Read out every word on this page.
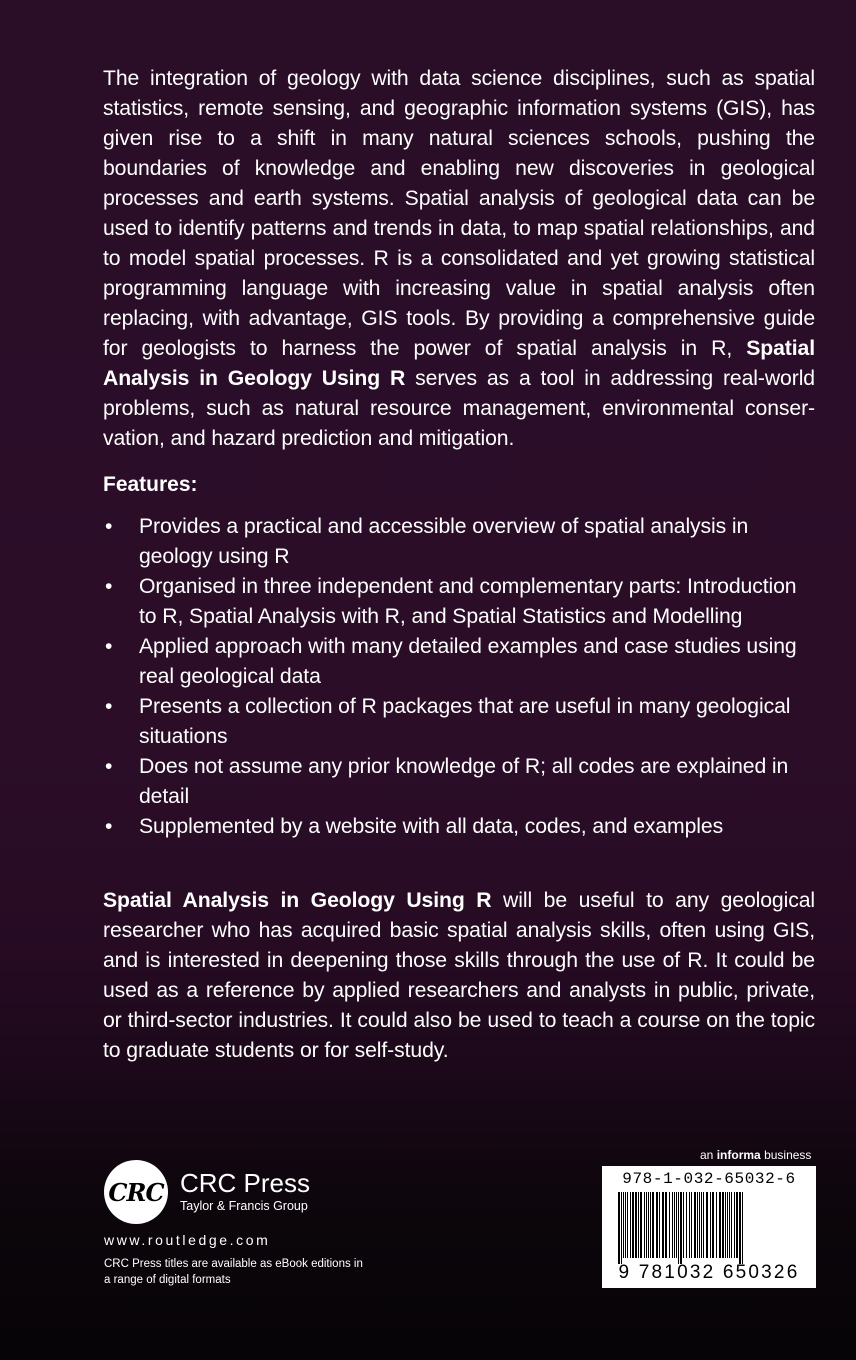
The integration of geology with data science disciplines, such as spatial statistics, remote sensing, and geographic information systems (GIS), has given rise to a shift in many natural sciences schools, pushing the boundaries of knowledge and enabling new discoveries in geological processes and earth systems. Spatial analysis of geological data can be used to identify patterns and trends in data, to map spatial relationships, and to model spatial processes. R is a consolidated and yet growing statistical programming language with increasing value in spatial analysis often replacing, with advantage, GIS tools. By providing a comprehensive guide for geologists to harness the power of spatial analysis in R, Spatial Analysis in Geology Using R serves as a tool in addressing real-world problems, such as natural resource management, environmental conser-vation, and hazard prediction and mitigation.

Features:

• Provides a practical and accessible overview of spatial analysis in geology using R
• Organised in three independent and complementary parts: Introduction to R, Spatial Analysis with R, and Spatial Statistics and Modelling
• Applied approach with many detailed examples and case studies using real geological data
• Presents a collection of R packages that are useful in many geological situations
• Does not assume any prior knowledge of R; all codes are explained in detail
• Supplemented by a website with all data, codes, and examples

Spatial Analysis in Geology Using R will be useful to any geological researcher who has acquired basic spatial analysis skills, often using GIS, and is interested in deepening those skills through the use of R. It could be used as a reference by applied researchers and analysts in public, private, or third-sector industries. It could also be used to teach a course on the topic to graduate students or for self-study.

CRC CRC Press
Taylor & Francis Group
www.routledge.com
CRC Press titles are available as eBook editions in a range of digital formats
an informa business
978-1-032-65032-6
9 781032 650326
